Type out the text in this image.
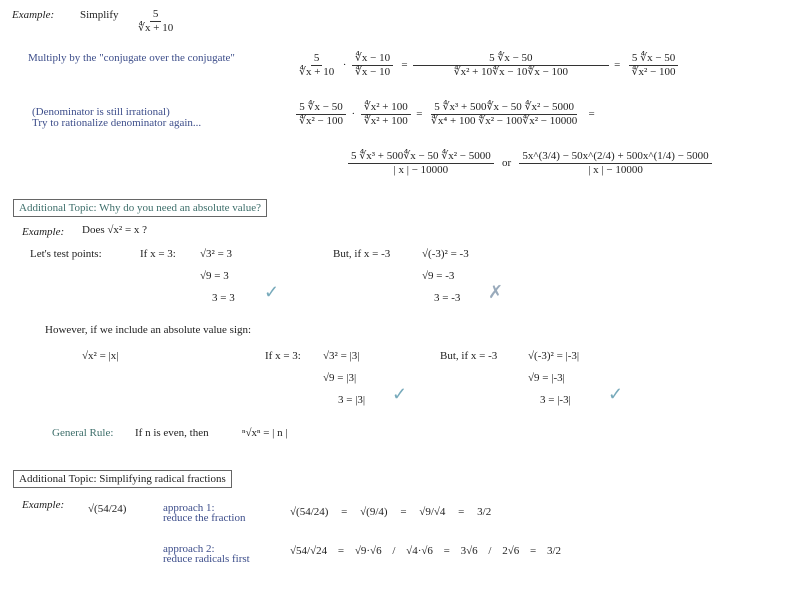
Example: Simplify $\frac{5}{∜x + 10}$
Multiply by the "conjugate over the conjugate"	$\frac{5}{∜x + 10} \cdot \frac{∜x - 10}{∜x - 10} = \frac{5 ∜x - 50}{\text{∜x² + 10∜x − 10∜x − 100}} = \frac{5 ∜x - 50}{\text{∜x² − 100}}$
(Denominator is still irrational)
Try to rationalize denominator again...	$\frac{5 ∜x - 50}{\text{∜x² − 100}} \cdot \frac{\text{∜x² + 100}}{\text{∜x² + 100}} = \frac{\text{5 ∜x³ + 500∜x − 50 ∜x² − 5000}}{\text{∜x⁴ + 100 ∜x² − 100∜x² − 10000}}$ =
$\frac{\text{5 ∜x³ + 500∜x − 50 ∜x² − 5000}}{| x | - 10000}$ or $\frac{5x\^{}(3/4) - 50x\^{}(2/4) + 500x\^{}(1/4) - 5000}{| x | - 10000}$
Additional Topic: Why do you need an absolute value?
Example: Does √x² = x ?
Let's test points:	If x = 3: √3² = 3
√9 = 3
3 = 3 ✓
But, if x = -3	√(-3)² = -3
√9 = -3
3 = -3 ✗
However, if we include an absolute value sign:
√x² = |x|	If x = 3: √3² = |3|
√9 = |3|
3 = |3| ✓
But, if x = -3	√(-3)² = |-3|
√9 = |-3|
3 = |-3| ✓
General Rule: If n is even, then	ⁿ√xⁿ = | n |
Additional Topic: Simplifying radical fractions
Example: √(54/24)	approach 1:
reduce the fraction	√(54/24) = √(9/4) = √9/√4 = 3/2
approach 2:
reduce radicals first
√54/√24 = √9·√6 / √4·√6 = 3√6 / 2√6 = 3/2
